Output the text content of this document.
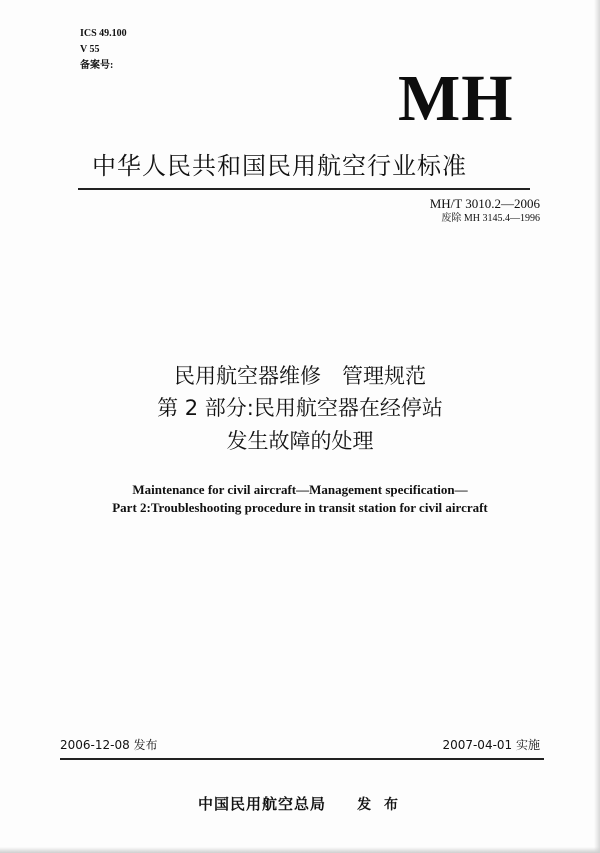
ICS 49.100
V 55
备案号:	MH
中华人民共和国民用航空行业标准
MH/T 3010.2—2006
废除 MH 3145.4—1996
民用航空器维修　管理规范
第 2 部分:民用航空器在经停站
发生故障的处理
Maintenance for civil aircraft—Management specification—
Part 2:Troubleshooting procedure in transit station for civil aircraft
2006-12-08 发布	2007-04-01 实施
中国民用航空总局 发 布
